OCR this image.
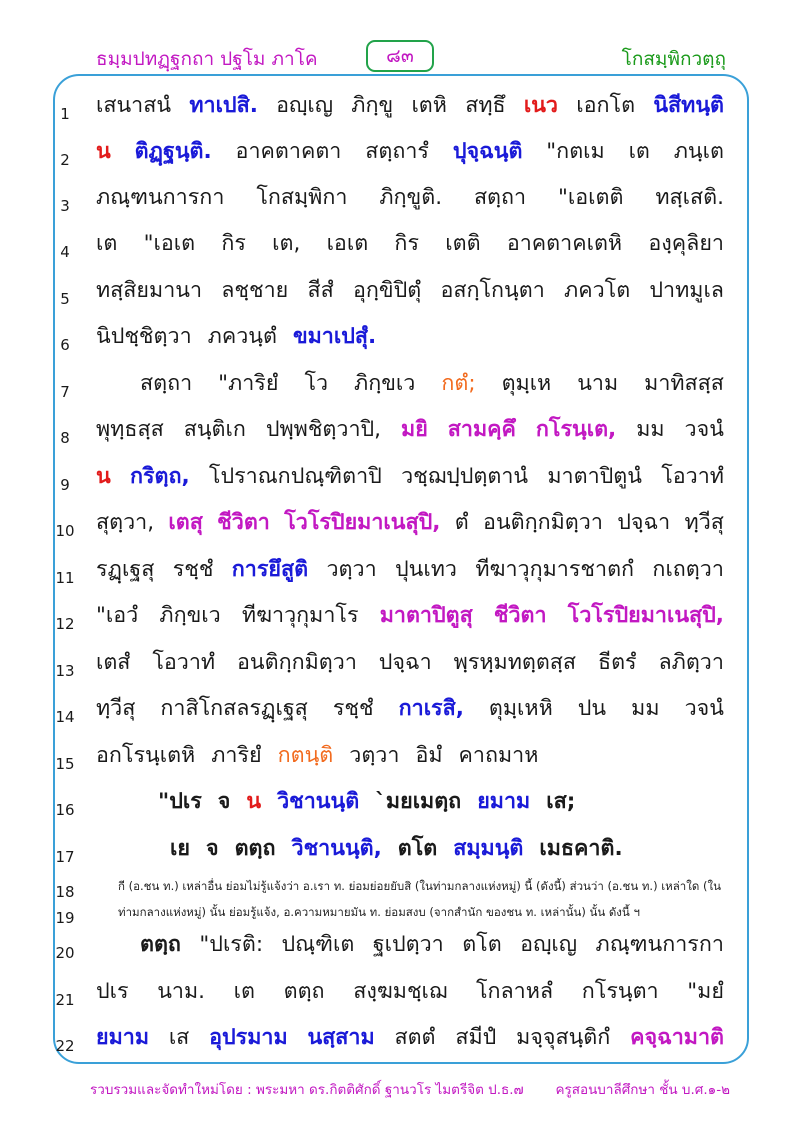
ธมฺมปทฏฺฐกถา ปฐโม ภาโค	๘๓	โกสมฺพิกวตฺถุ
1	เสนาสนํ ทาเปสิ. อญฺเญ ภิกฺขู เตหิ สทฺธึ เนว เอกโต นิสีทนฺติ
2	น ติฏฺฐนฺติ. อาคตาคตา สตฺถารํ ปุจฺฉนฺติ "กตเม เต ภนฺเต
3	ภณฺฑนการกา โกสมฺพิกา ภิกฺขูติ. สตฺถา "เอเตติ ทสฺเสติ.
4	เต "เอเต กิร เต, เอเต กิร เตติ อาคตาคเตหิ องฺคุลิยา
5	ทสฺสิยมานา ลชฺชาย สีสํ อุกฺขิปิตุํ อสกฺโกนฺตา ภควโต ปาทมูเล
6	นิปชฺชิตฺวา ภควนฺตํ ขมาเปสุํ.
7	สตฺถา "ภาริยํ โว ภิกฺขเว กตํ; ตุมฺเห นาม มาทิสสฺส
8	พุทฺธสฺส สนฺติเก ปพฺพชิตฺวาปิ, มยิ สามคฺคึ กโรนฺเต, มม วจนํ
9	น กริตฺถ, โปราณกปณฺฑิตาปิ วชฺฌปฺปตฺตานํ มาตาปิตูนํ โอวาทํ
10 สุตฺวา, เตสุ ชีวิตา โวโรปิยมาเนสุปิ, ตํ อนติกฺกมิตฺวา ปจฺฉา ทฺวีสุ
11 รฏฺเฐสุ รชฺชํ การยึสูติ วตฺวา ปุนเทว ทีฆาวุกุมารชาตกํ กเถตฺวา
12 "เอวํ ภิกฺขเว ทีฆาวุกุมาโร มาตาปิตูสุ ชีวิตา โวโรปิยมาเนสุปิ,
13 เตสํ โอวาทํ อนติกฺกมิตฺวา ปจฺฉา พฺรหฺมทตฺตสฺส ธีตรํ ลภิตฺวา
14 ทฺวีสุ กาสิโกสลรฏฺเฐสุ รชฺชํ กาเรสิ, ตุมฺเหหิ ปน มม วจนํ
15 อกโรนฺเตหิ ภาริยํ กตนฺติ วตฺวา อิมํ คาถมาห
16	"ปเร จ น วิชานนฺติ `มยเมตฺถ ยมาม เส;
17	เย จ ตตฺถ วิชานนฺติ, ตโต สมฺมนฺติ เมธคาติ.
18	กี (อ.ชน ท.) เหล่าอื่น ย่อมไม่รู้แจ้งว่า อ.เรา ท. ย่อมย่อยยับสิ (ในท่ามกลางแห่งหมู่) นี้ (ดังนี้) ส่วนว่า (อ.ชน ท.) เหล่าใด (ใน
19	ท่ามกลางแห่งหมู่) นั้น ย่อมรู้แจ้ง, อ.ความหมายมัน ท. ย่อมสงบ (จากสำนัก ของชน ท. เหล่านั้น) นั้น ดังนี้ ฯ
20	ตตฺถ "ปเรติ: ปณฺฑิเต ฐเปตฺวา ตโต อญฺเญ ภณฺฑนการกา
21 ปเร นาม. เต ตตฺถ สงฺฆมชฺเฌ โกลาหลํ กโรนฺตา "มยํ
22 ยมาม เส อุปรมาม นสฺสาม สตตํ สมีปํ มจฺจุสนฺติกํ คจฺฉามาติ
รวบรวมและจัดทำใหม่โดย : พระมหา ดร.กิตติศักดิ์ ฐานวโร ไมตรีจิต ป.ธ.๗ ครูสอนบาลีศึกษา ชั้น บ.ศ.๑-๒
